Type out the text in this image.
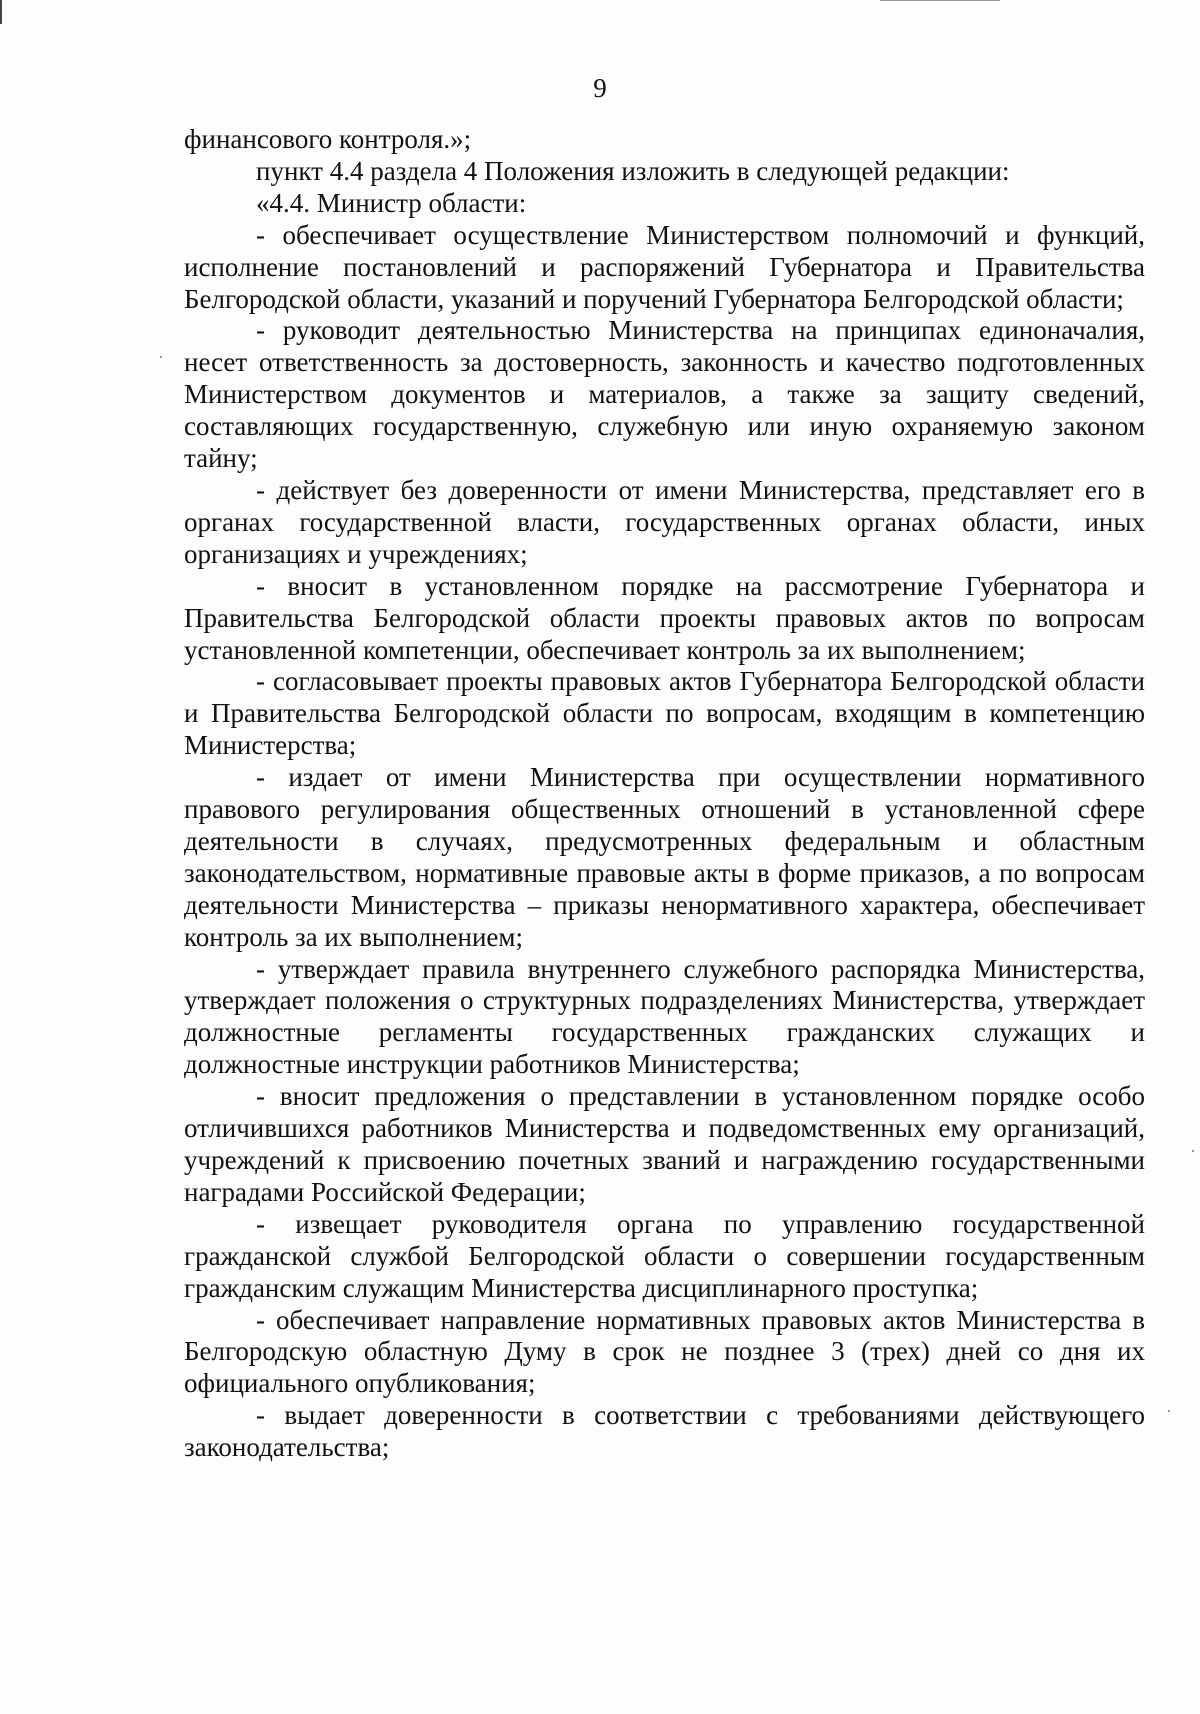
9

финансового контроля.»;

пункт 4.4 раздела 4 Положения изложить в следующей редакции:

«4.4. Министр области:

- обеспечивает осуществление Министерством полномочий и функций, исполнение постановлений и распоряжений Губернатора и Правительства Белгородской области, указаний и поручений Губернатора Белгородской области;

- руководит деятельностью Министерства на принципах единоначалия, несет ответственность за достоверность, законность и качество подготовленных Министерством документов и материалов, а также за защиту сведений, составляющих государственную, служебную или иную охраняемую законом тайну;

- действует без доверенности от имени Министерства, представляет его в органах государственной власти, государственных органах области, иных организациях и учреждениях;

- вносит в установленном порядке на рассмотрение Губернатора и Правительства Белгородской области проекты правовых актов по вопросам установленной компетенции, обеспечивает контроль за их выполнением;

- согласовывает проекты правовых актов Губернатора Белгородской области и Правительства Белгородской области по вопросам, входящим в компетенцию Министерства;

- издает от имени Министерства при осуществлении нормативного правового регулирования общественных отношений в установленной сфере деятельности в случаях, предусмотренных федеральным и областным законодательством, нормативные правовые акты в форме приказов, а по вопросам деятельности Министерства – приказы ненормативного характера, обеспечивает контроль за их выполнением;

- утверждает правила внутреннего служебного распорядка Министерства, утверждает положения о структурных подразделениях Министерства, утверждает должностные регламенты государственных гражданских служащих и должностные инструкции работников Министерства;

- вносит предложения о представлении в установленном порядке особо отличившихся работников Министерства и подведомственных ему организаций, учреждений к присвоению почетных званий и награждению государственными наградами Российской Федерации;

- извещает руководителя органа по управлению государственной гражданской службой Белгородской области о совершении государственным гражданским служащим Министерства дисциплинарного проступка;

- обеспечивает направление нормативных правовых актов Министерства в Белгородскую областную Думу в срок не позднее 3 (трех) дней со дня их официального опубликования;

- выдает доверенности в соответствии с требованиями действующего законодательства;
